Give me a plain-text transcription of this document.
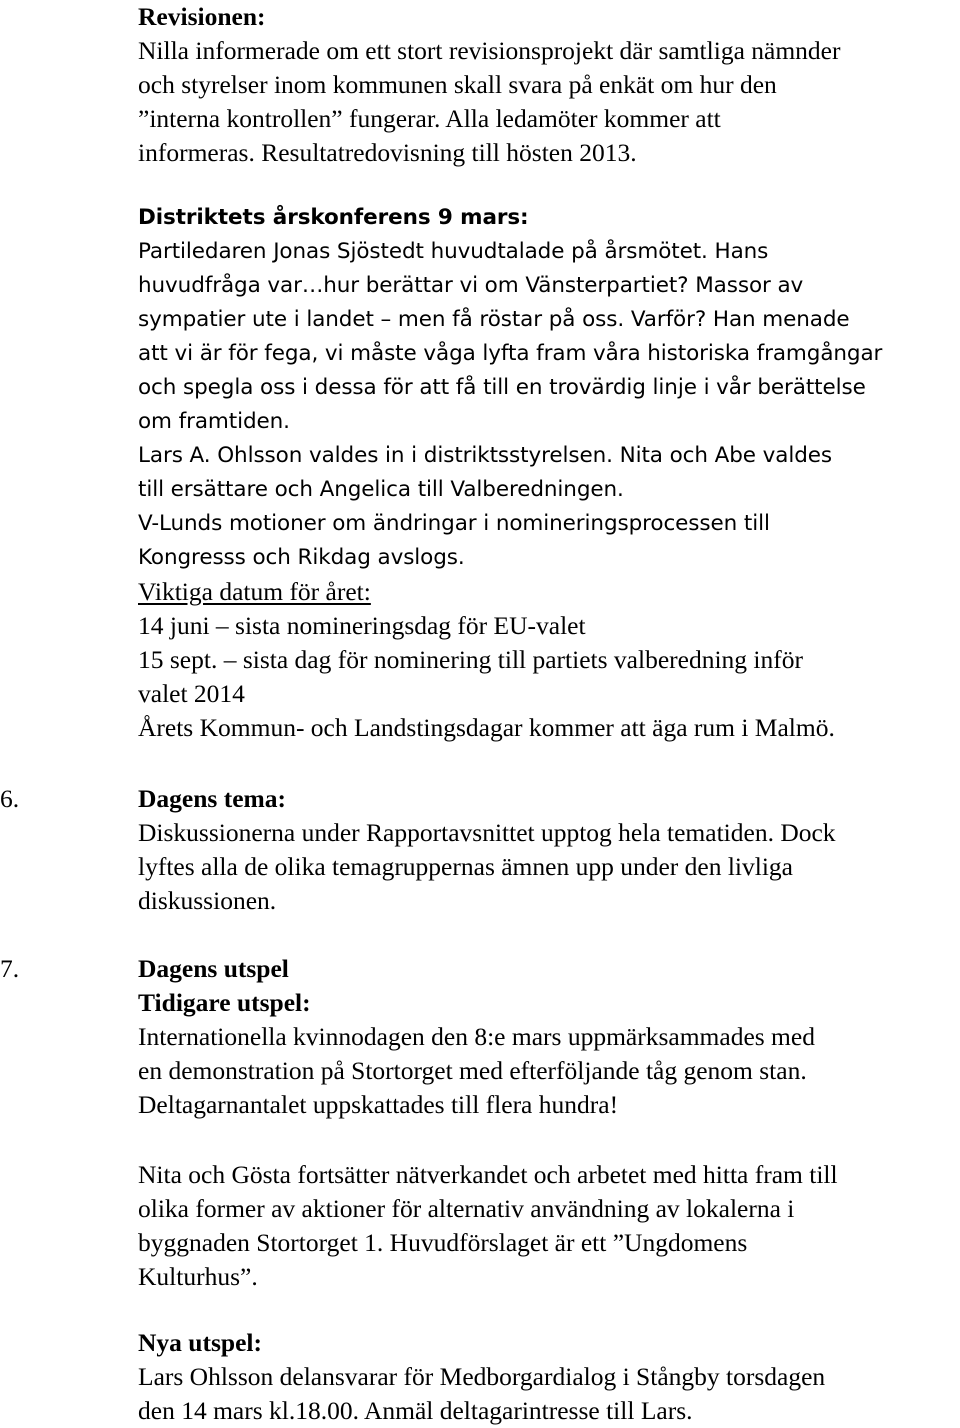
Revisionen:
Nilla informerade om ett stort revisionsprojekt där samtliga nämnder
och styrelser inom kommunen skall svara på enkät om hur den
”interna kontrollen” fungerar. Alla ledamöter kommer att
informeras. Resultatredovisning till hösten 2013.
Distriktets årskonferens 9 mars:
Partiledaren Jonas Sjöstedt huvudtalade på årsmötet. Hans
huvudfråga var…hur berättar vi om Vänsterpartiet? Massor av
sympatier ute i landet – men få röstar på oss. Varför? Han menade
att vi är för fega, vi måste våga lyfta fram våra historiska framgångar
och spegla oss i dessa för att få till en trovärdig linje i vår berättelse
om framtiden.
Lars A. Ohlsson valdes in i distriktsstyrelsen. Nita och Abe valdes
till ersättare och Angelica till Valberedningen.
V-Lunds motioner om ändringar i nomineringsprocessen till
Kongresss och Rikdag avslogs.
Viktiga datum för året:
14 juni – sista nomineringsdag för EU-valet
15 sept. – sista dag för nominering till partiets valberedning inför
valet 2014
Årets Kommun- och Landstingsdagar kommer att äga rum i Malmö.
6.	Dagens tema:
Diskussionerna under Rapportavsnittet upptog hela tematiden. Dock
lyftes alla de olika temagruppernas ämnen upp under den livliga
diskussionen.
7.	Dagens utspel
Tidigare utspel:
Internationella kvinnodagen den 8:e mars uppmärksammades med
en demonstration på Stortorget med efterföljande tåg genom stan.
Deltagarnantalet uppskattades till flera hundra!
Nita och Gösta fortsätter nätverkandet och arbetet med hitta fram till
olika former av aktioner för alternativ användning av lokalerna i
byggnaden Stortorget 1. Huvudförslaget är ett ”Ungdomens
Kulturhus”.
Nya utspel:
Lars Ohlsson delansvarar för Medborgardialog i Stångby torsdagen
den 14 mars kl.18.00. Anmäl deltagarintresse till Lars.
